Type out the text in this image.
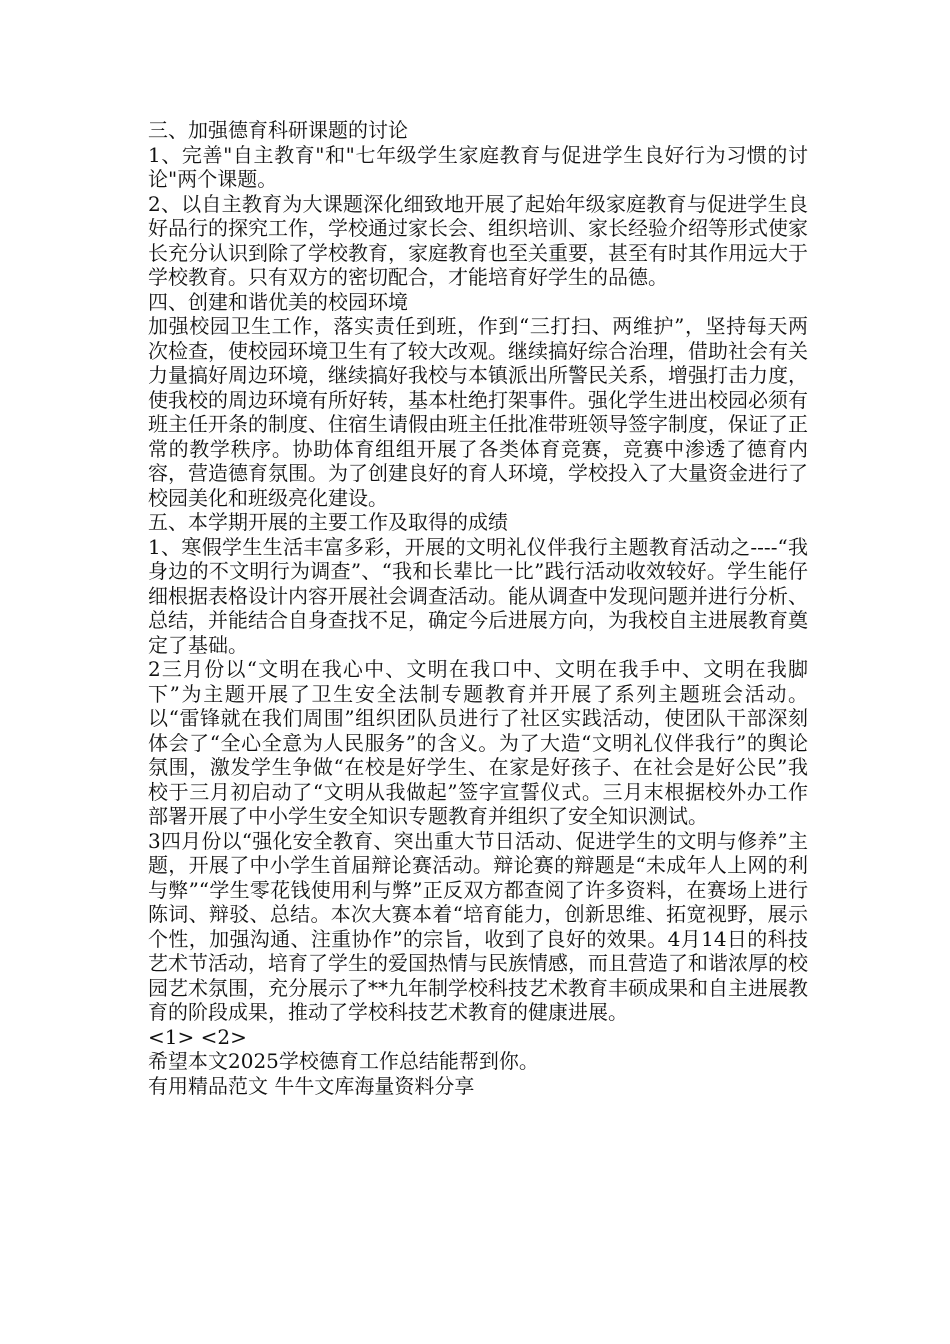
三、加强德育科研课题的讨论

1、完善"自主教育"和"七年级学生家庭教育与促进学生良好行为习惯的讨论"两个课题。

2、以自主教育为大课题深化细致地开展了起始年级家庭教育与促进学生良好品行的探究工作，学校通过家长会、组织培训、家长经验介绍等形式使家长充分认识到除了学校教育，家庭教育也至关重要，甚至有时其作用远大于学校教育。只有双方的密切配合，才能培育好学生的品德。

四、创建和谐优美的校园环境

加强校园卫生工作，落实责任到班，作到“三打扫、两维护”，坚持每天两次检查，使校园环境卫生有了较大改观。继续搞好综合治理，借助社会有关力量搞好周边环境，继续搞好我校与本镇派出所警民关系，增强打击力度，使我校的周边环境有所好转，基本杜绝打架事件。强化学生进出校园必须有班主任开条的制度、住宿生请假由班主任批准带班领导签字制度，保证了正常的教学秩序。协助体育组组开展了各类体育竞赛，竞赛中渗透了德育内容，营造德育氛围。为了创建良好的育人环境，学校投入了大量资金进行了校园美化和班级亮化建设。

五、本学期开展的主要工作及取得的成绩

1、寒假学生生活丰富多彩，开展的文明礼仪伴我行主题教育活动之----“我身边的不文明行为调查”、“我和长辈比一比”践行活动收效较好。学生能仔细根据表格设计内容开展社会调查活动。能从调查中发现问题并进行分析、总结，并能结合自身查找不足，确定今后进展方向，为我校自主进展教育奠定了基础。

2三月份以“文明在我心中、文明在我口中、文明在我手中、文明在我脚下”为主题开展了卫生安全法制专题教育并开展了系列主题班会活动。以“雷锋就在我们周围”组织团队员进行了社区实践活动，使团队干部深刻体会了“全心全意为人民服务”的含义。为了大造“文明礼仪伴我行”的舆论氛围，激发学生争做“在校是好学生、在家是好孩子、在社会是好公民”我校于三月初启动了“文明从我做起”签字宣誓仪式。三月末根据校外办工作部署开展了中小学生安全知识专题教育并组织了安全知识测试。

3四月份以“强化安全教育、突出重大节日活动、促进学生的文明与修养”主题，开展了中小学生首届辩论赛活动。辩论赛的辩题是“未成年人上网的利与弊”“学生零花钱使用利与弊”正反双方都查阅了许多资料，在赛场上进行陈词、辩驳、总结。本次大赛本着“培育能力，创新思维、拓宽视野，展示个性，加强沟通、注重协作”的宗旨，收到了良好的效果。4月14日的科技艺术节活动，培育了学生的爱国热情与民族情感，而且营造了和谐浓厚的校园艺术氛围，充分展示了**九年制学校科技艺术教育丰硕成果和自主进展教育的阶段成果，推动了学校科技艺术教育的健康进展。

<1> <2>

希望本文2025学校德育工作总结能帮到你。

有用精品范文 牛牛文库海量资料分享
